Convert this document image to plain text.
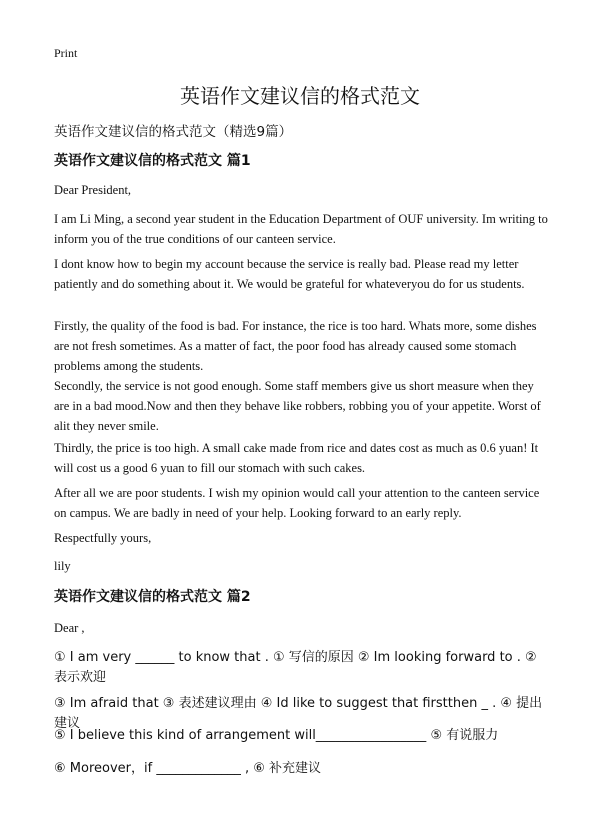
Print
英语作文建议信的格式范文
英语作文建议信的格式范文（精选9篇）
英语作文建议信的格式范文 篇1
Dear President,
I am Li Ming, a second year student in the Education Department of OUF university. Im writing to inform you of the true conditions of our canteen service.
I dont know how to begin my account because the service is really bad. Please read my letter patiently and do something about it. We would be grateful for whateveryou do for us students.
Firstly, the quality of the food is bad. For instance, the rice is too hard. Whats more, some dishes are not fresh sometimes. As a matter of fact, the poor food has already caused some stomach problems among the students.
Secondly, the service is not good enough. Some staff members give us short measure when they are in a bad mood.Now and then they behave like robbers, robbing you of your appetite. Worst of alit they never smile.
Thirdly, the price is too high. A small cake made from rice and dates cost as much as 0.6 yuan! It will cost us a good 6 yuan to fill our stomach with such cakes.
After all we are poor students. I wish my opinion would call your attention to the canteen service on campus. We are badly in need of your help. Looking forward to an early reply.
Respectfully yours,
lily
英语作文建议信的格式范文 篇2
Dear ,
① I am very ______ to know that . ① 写信的原因 ② Im looking forward to . ② 表示欢迎
③ Im afraid that ③ 表述建议理由 ④ Id like to suggest that firstthen _ . ④ 提出建议
⑤ I believe this kind of arrangement will_________________ ⑤ 有说服力
⑥ Moreover，if _____________ , ⑥ 补充建议
